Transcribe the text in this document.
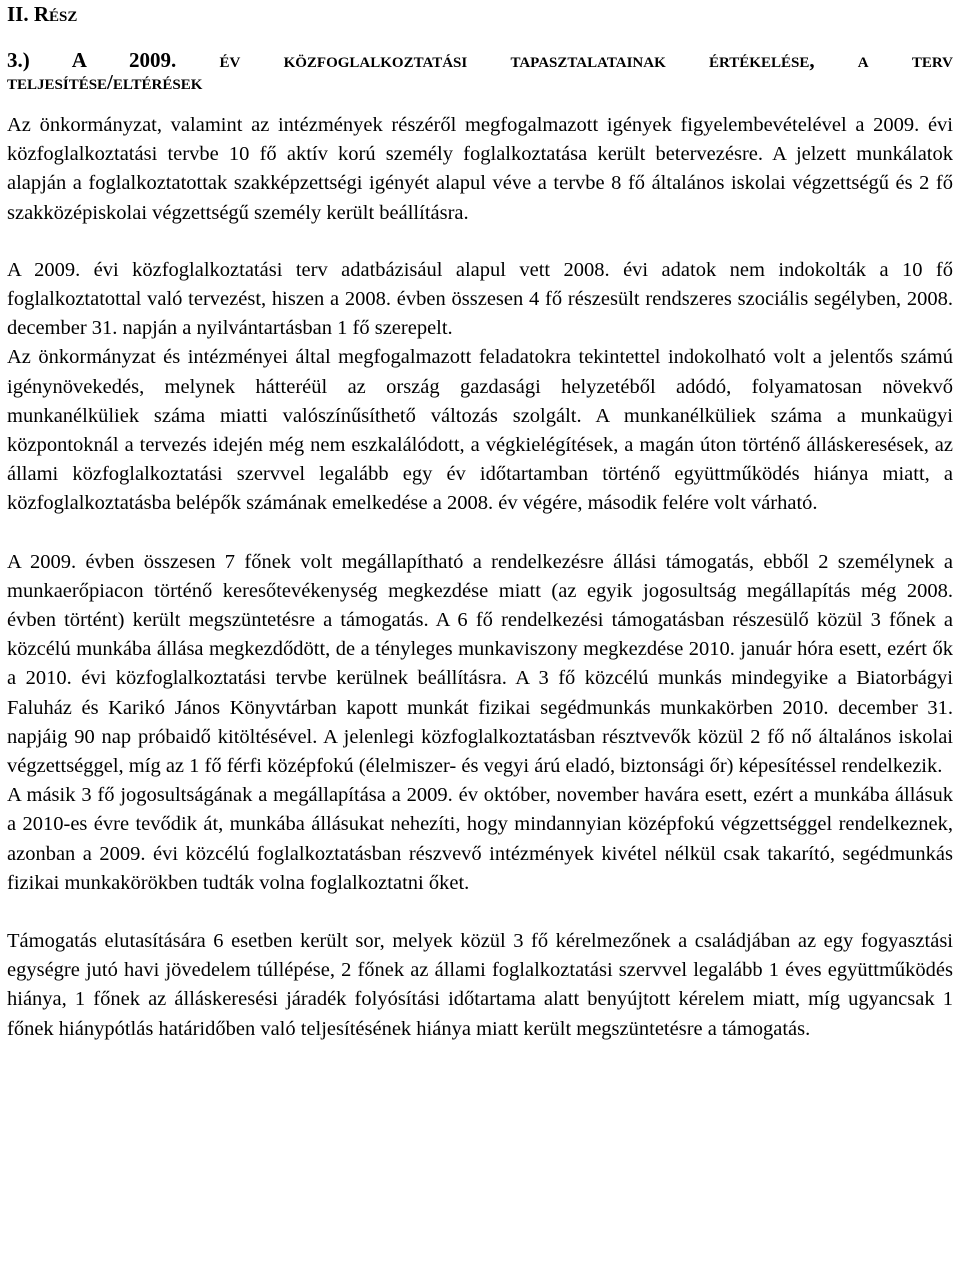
II. Rész
3.) A 2009. év közfoglalkoztatási tapasztalatainak értékelése, a terv
teljesítése/eltérések

Az önkormányzat, valamint az intézmények részéről megfogalmazott igények figyelembevételével a 2009. évi közfoglalkoztatási tervbe 10 fő aktív korú személy foglalkoztatása került betervezésre. A jelzett munkálatok alapján a foglalkoztatottak szakképzettségi igényét alapul véve a tervbe 8 fő általános iskolai végzettségű és 2 fő szakközépiskolai végzettségű személy került beállításra.

A 2009. évi közfoglalkoztatási terv adatbázisául alapul vett 2008. évi adatok nem indokolták a 10 fő foglalkoztatottal való tervezést, hiszen a 2008. évben összesen 4 fő részesült rendszeres szociális segélyben, 2008. december 31. napján a nyilvántartásban 1 fő szerepelt.

Az önkormányzat és intézményei által megfogalmazott feladatokra tekintettel indokolható volt a jelentős számú igénynövekedés, melynek hátteréül az ország gazdasági helyzetéből adódó, folyamatosan növekvő munkanélküliek száma miatti valószínűsíthető változás szolgált. A munkanélküliek száma a munkaügyi központoknál a tervezés idején még nem eszkalálódott, a végkielégítések, a magán úton történő álláskeresések, az állami közfoglalkoztatási szervvel legalább egy év időtartamban történő együttműködés hiánya miatt, a közfoglalkoztatásba belépők számának emelkedése a 2008. év végére, második felére volt várható.

A 2009. évben összesen 7 főnek volt megállapítható a rendelkezésre állási támogatás, ebből 2 személynek a munkaerőpiacon történő keresőtevékenység megkezdése miatt (az egyik jogosultság megállapítás még 2008. évben történt) került megszüntetésre a támogatás. A 6 fő rendelkezési támogatásban részesülő közül 3 főnek a közcélú munkába állása megkezdődött, de a tényleges munkaviszony megkezdése 2010. január hóra esett, ezért ők a 2010. évi közfoglalkoztatási tervbe kerülnek beállításra. A 3 fő közcélú munkás mindegyike a Biatorbágyi Faluház és Karikó János Könyvtárban kapott munkát fizikai segédmunkás munkakörben 2010. december 31. napjáig 90 nap próbaidő kitöltésével. A jelenlegi közfoglalkoztatásban résztvevők közül 2 fő nő általános iskolai végzettséggel, míg az 1 fő férfi középfokú (élelmiszer- és vegyi árú eladó, biztonsági őr) képesítéssel rendelkezik.

A másik 3 fő jogosultságának a megállapítása a 2009. év október, november havára esett, ezért a munkába állásuk a 2010-es évre tevődik át, munkába állásukat nehezíti, hogy mindannyian középfokú végzettséggel rendelkeznek, azonban a 2009. évi közcélú foglalkoztatásban részvevő intézmények kivétel nélkül csak takarító, segédmunkás fizikai munkakörökben tudták volna foglalkoztatni őket.

Támogatás elutasítására 6 esetben került sor, melyek közül 3 fő kérelmezőnek a családjában az egy fogyasztási egységre jutó havi jövedelem túllépése, 2 főnek az állami foglalkoztatási szervvel legalább 1 éves együttműködés hiánya, 1 főnek az álláskeresési járadék folyósítási időtartama alatt benyújtott kérelem miatt, míg ugyancsak 1 főnek hiánypótlás határidőben való teljesítésének hiánya miatt került megszüntetésre a támogatás.
